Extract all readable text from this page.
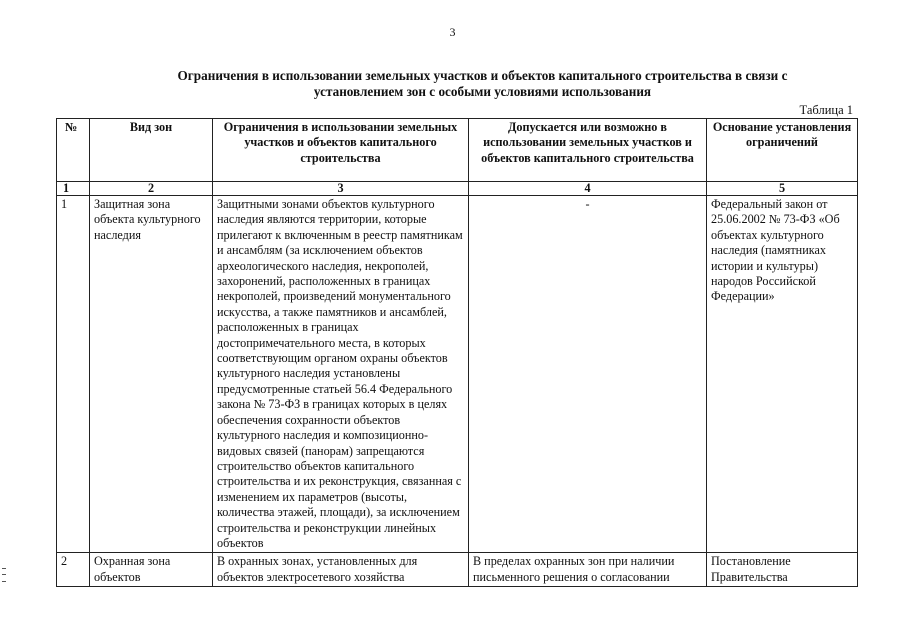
3
Ограничения в использовании земельных участков и объектов капитального строительства в связи с
установлением зон с особыми условиями использования
Таблица 1
№	Вид зон	Ограничения в использовании земельных участков и объектов капитального строительства	Допускается или возможно в использовании земельных участков и объектов капитального строительства	Основание установления ограничений
1	2	3	4	5
1	Защитная зона объекта культурного наследия	Защитными зонами объектов культурного наследия являются территории, которые прилегают к включенным в реестр памятникам и ансамблям (за исключением объектов археологического наследия, некрополей, захоронений, расположенных в границах некрополей, произведений монументального искусства, а также памятников и ансамблей, расположенных в границах достопримечательного места, в которых соответствующим органом охраны объектов культурного наследия установлены предусмотренные статьей 56.4 Федерального закона № 73-ФЗ в границах которых в целях обеспечения сохранности объектов культурного наследия и композиционно-видовых связей (панорам) запрещаются строительство объектов капитального строительства и их реконструкция, связанная с изменением их параметров (высоты, количества этажей, площади), за исключением строительства и реконструкции линейных объектов	-	Федеральный закон от 25.06.2002 № 73-ФЗ «Об объектах культурного наследия (памятниках истории и культуры) народов Российской Федерации»
2	Охранная зона объектов	В охранных зонах, установленных для объектов электросетевого хозяйства	В пределах охранных зон при наличии письменного решения о согласовании	Постановление Правительства
